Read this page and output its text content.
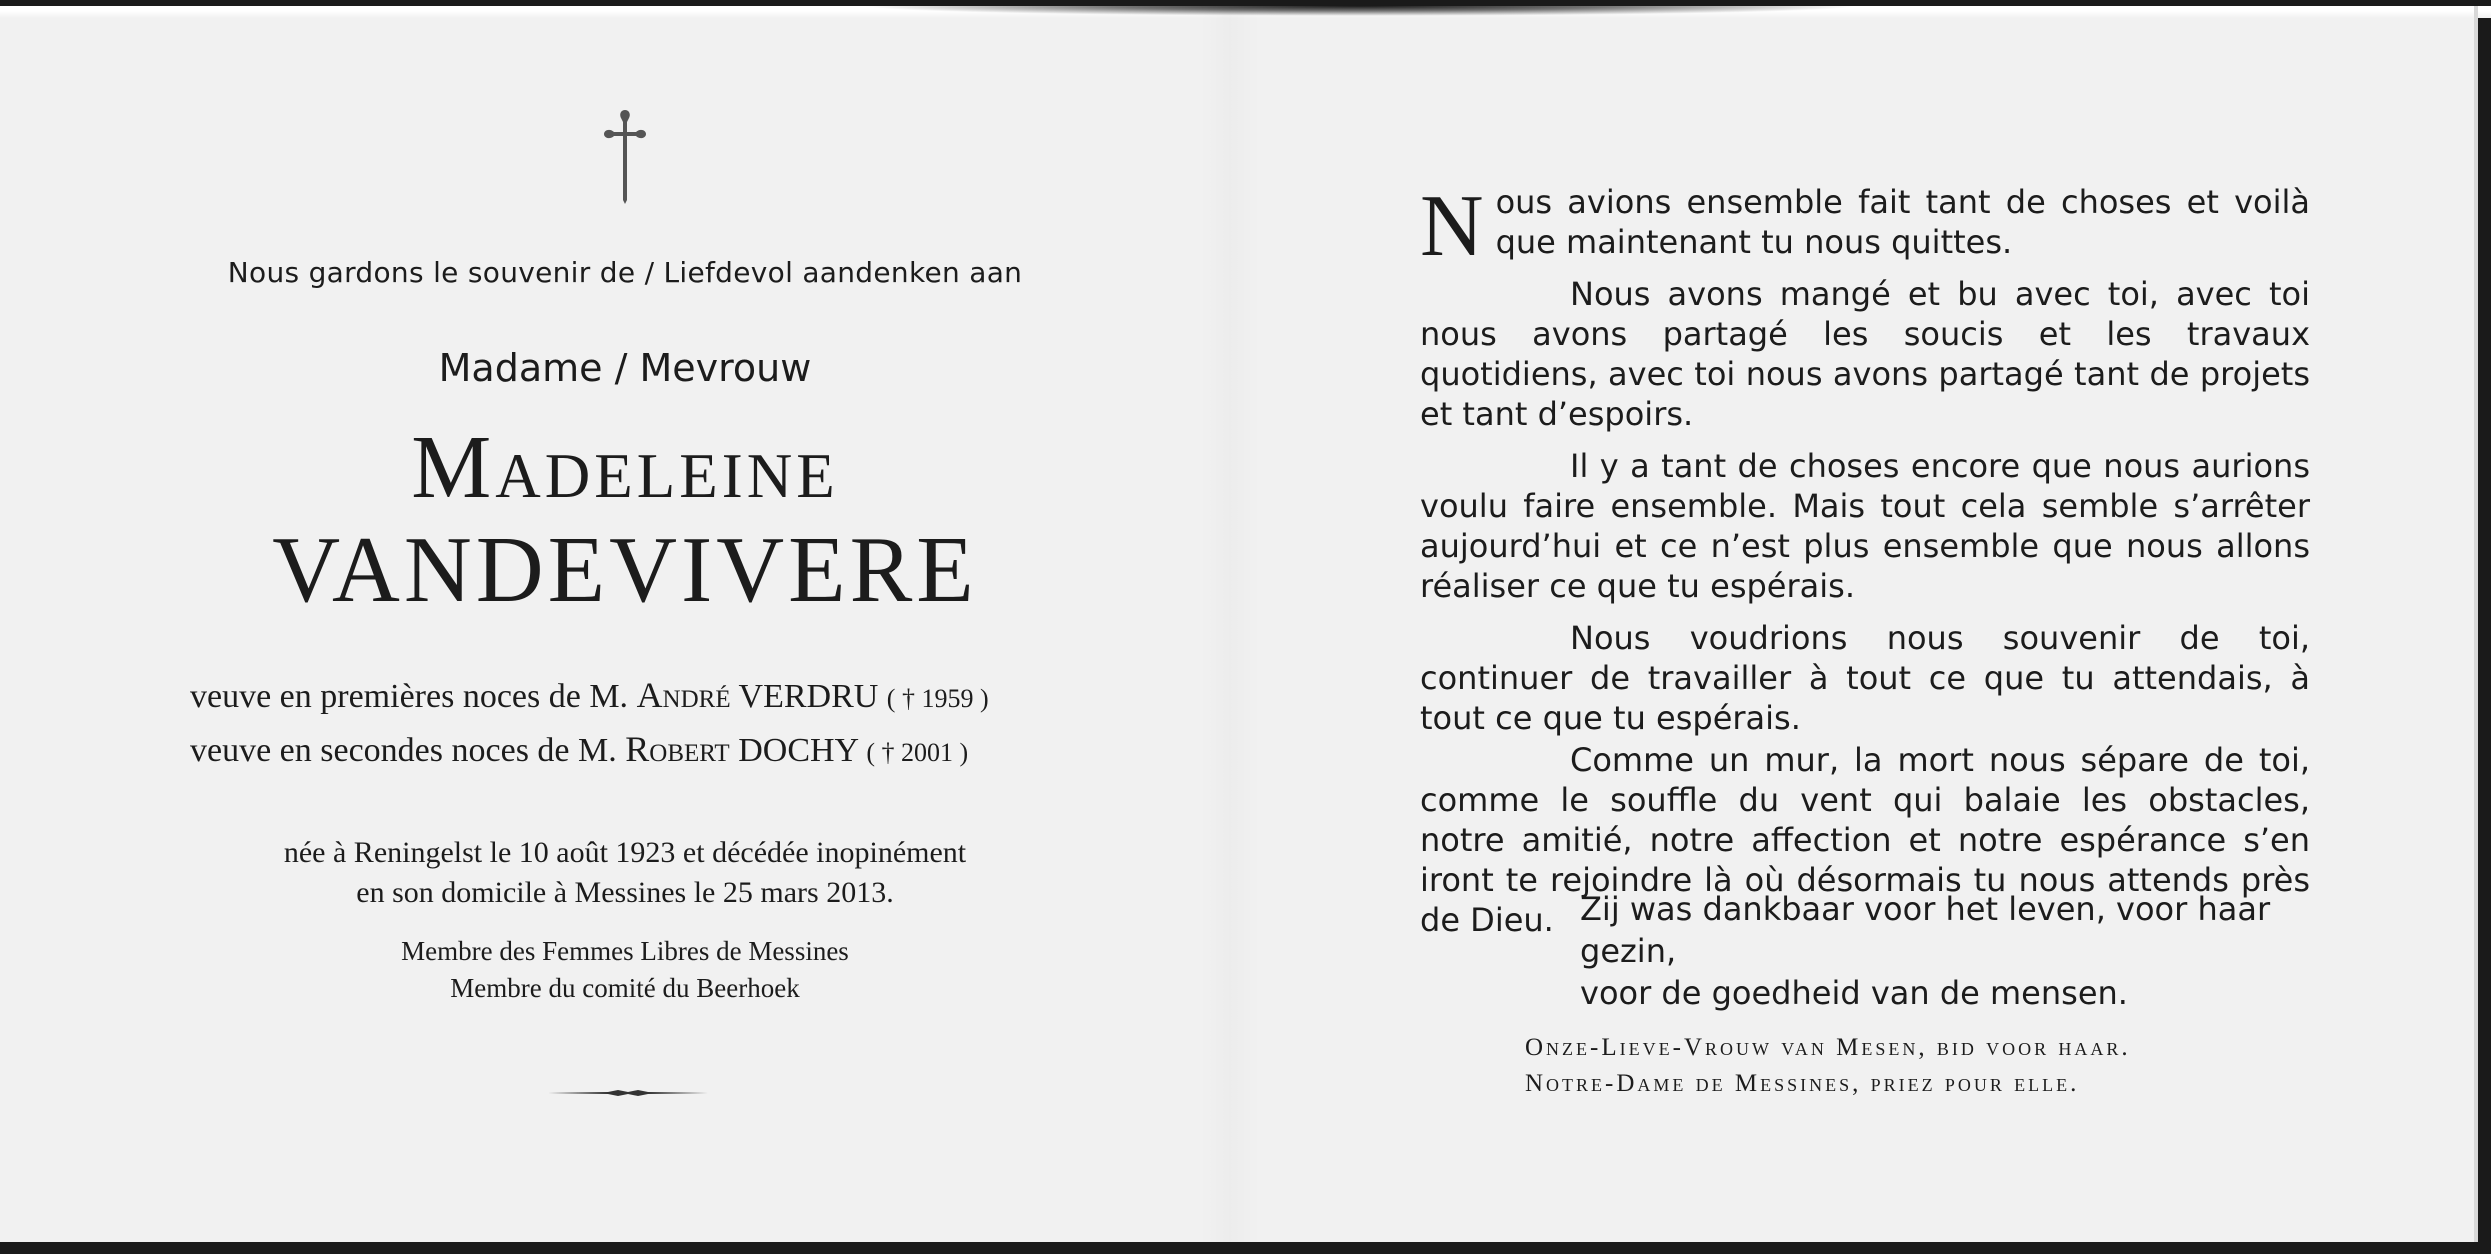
Nous gardons le souvenir de / Liefdevol aandenken aan
Madame / Mevrouw
Madeleine
VANDEVIVERE
veuve en premières noces de M. André VERDRU ( † 1959 )
veuve en secondes noces de M. Robert DOCHY ( † 2001 )
née à Reningelst le 10 août 1923 et décédée inopinément
en son domicile à Messines le 25 mars 2013.
Membre des Femmes Libres de Messines
Membre du comité du Beerhoek
N ous avions ensemble fait tant de choses et voilà que maintenant tu nous quittes.

Nous avons mangé et bu avec toi, avec toi nous avons partagé les soucis et les travaux quotidiens, avec toi nous avons partagé tant de projets et tant d’espoirs.

Il y a tant de choses encore que nous aurions voulu faire ensemble. Mais tout cela semble s’arrêter aujourd’hui et ce n’est plus ensemble que nous allons réaliser ce que tu espérais.

Nous voudrions nous souvenir de toi, continuer de travailler à tout ce que tu attendais, à tout ce que tu espérais.

Comme un mur, la mort nous sépare de toi, comme le souffle du vent qui balaie les obstacles, notre amitié, notre affection et notre espérance s’en iront te rejoindre là où désormais tu nous attends près de Dieu. Zij was dankbaar voor het leven, voor haar gezin,
voor de goedheid van de mensen.
Onze-Lieve-Vrouw van Mesen, bid voor haar.
Notre-Dame de Messines, priez pour elle.
